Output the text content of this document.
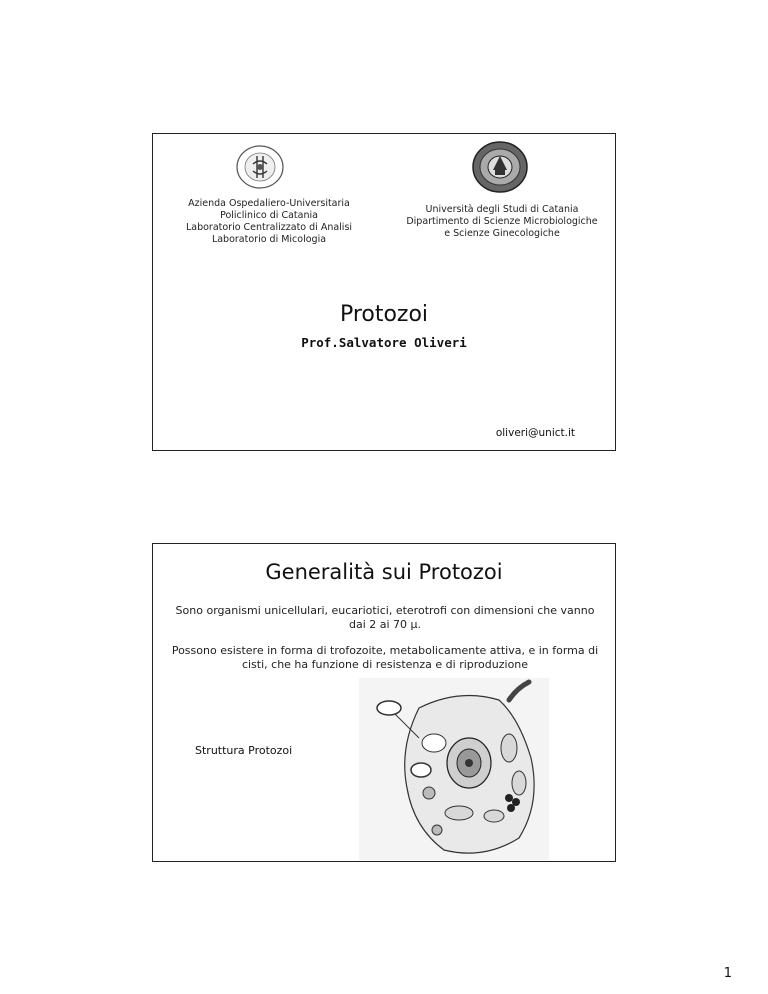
Azienda Ospedaliero-Universitaria
Policlinico di Catania
Laboratorio Centralizzato di Analisi
Laboratorio di Micologia
Università degli Studi di Catania
Dipartimento di Scienze Microbiologiche
e Scienze Ginecologiche
Protozoi
Prof.Salvatore Oliveri
oliveri@unict.it
Generalità sui Protozoi
Sono organismi unicellulari, eucariotici, eterotrofi con dimensioni che vanno dai 2 ai 70 μ.
Possono esistere in forma di trofozoite, metabolicamente attiva, e in forma di cisti, che ha funzione di resistenza e di riproduzione
Struttura Protozoi
1
